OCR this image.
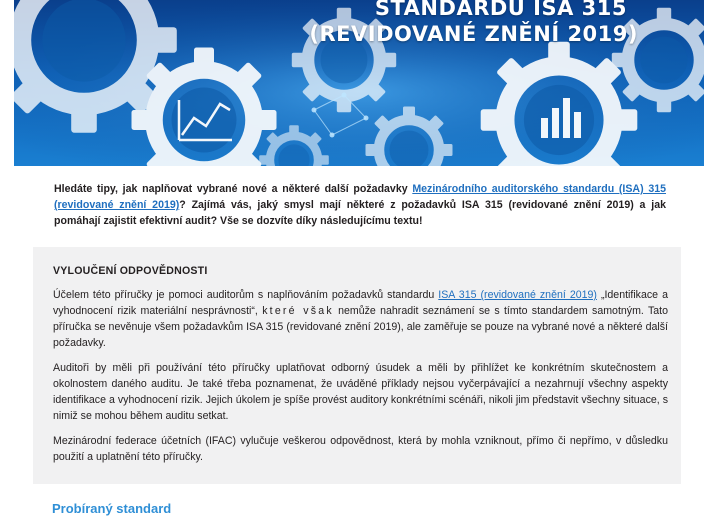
STANDARDU ISA 315
(REVIDOVANÉ ZNĚNÍ 2019)
Hledáte tipy, jak naplňovat vybrané nové a některé další požadavky Mezinárodního auditorského standardu (ISA) 315 (revidované znění 2019)? Zajímá vás, jaký smysl mají některé z požadavků ISA 315 (revidované znění 2019) a jak pomáhají zajistit efektivní audit? Vše se dozvíte díky následujícímu textu!
VYLOUČENÍ ODPOVĚDNOSTI

Účelem této příručky je pomoci auditorům s naplňováním požadavků standardu ISA 315 (revidované znění 2019) „Identifikace a vyhodnocení rizik materiální nesprávnosti“, které však nemůže nahradit seznámení se s tímto standardem samotným. Tato příručka se nevěnuje všem požadavkům ISA 315 (revidované znění 2019), ale zaměřuje se pouze na vybrané nové a některé další požadavky.

Auditoři by měli při používání této příručky uplatňovat odborný úsudek a měli by přihlížet ke konkrétním skutečnostem a okolnostem daného auditu. Je také třeba poznamenat, že uváděné příklady nejsou vyčerpávající a nezahrnují všechny aspekty identifikace a vyhodnocení rizik. Jejich úkolem je spíše provést auditory konkrétními scénáři, nikoli jim představit všechny situace, s nimiž se mohou během auditu setkat.

Mezinárodní federace účetních (IFAC) vylučuje veškerou odpovědnost, která by mohla vzniknout, přímo či nepřímo, v důsledku použití a uplatnění této příručky.

Probíraný standard
